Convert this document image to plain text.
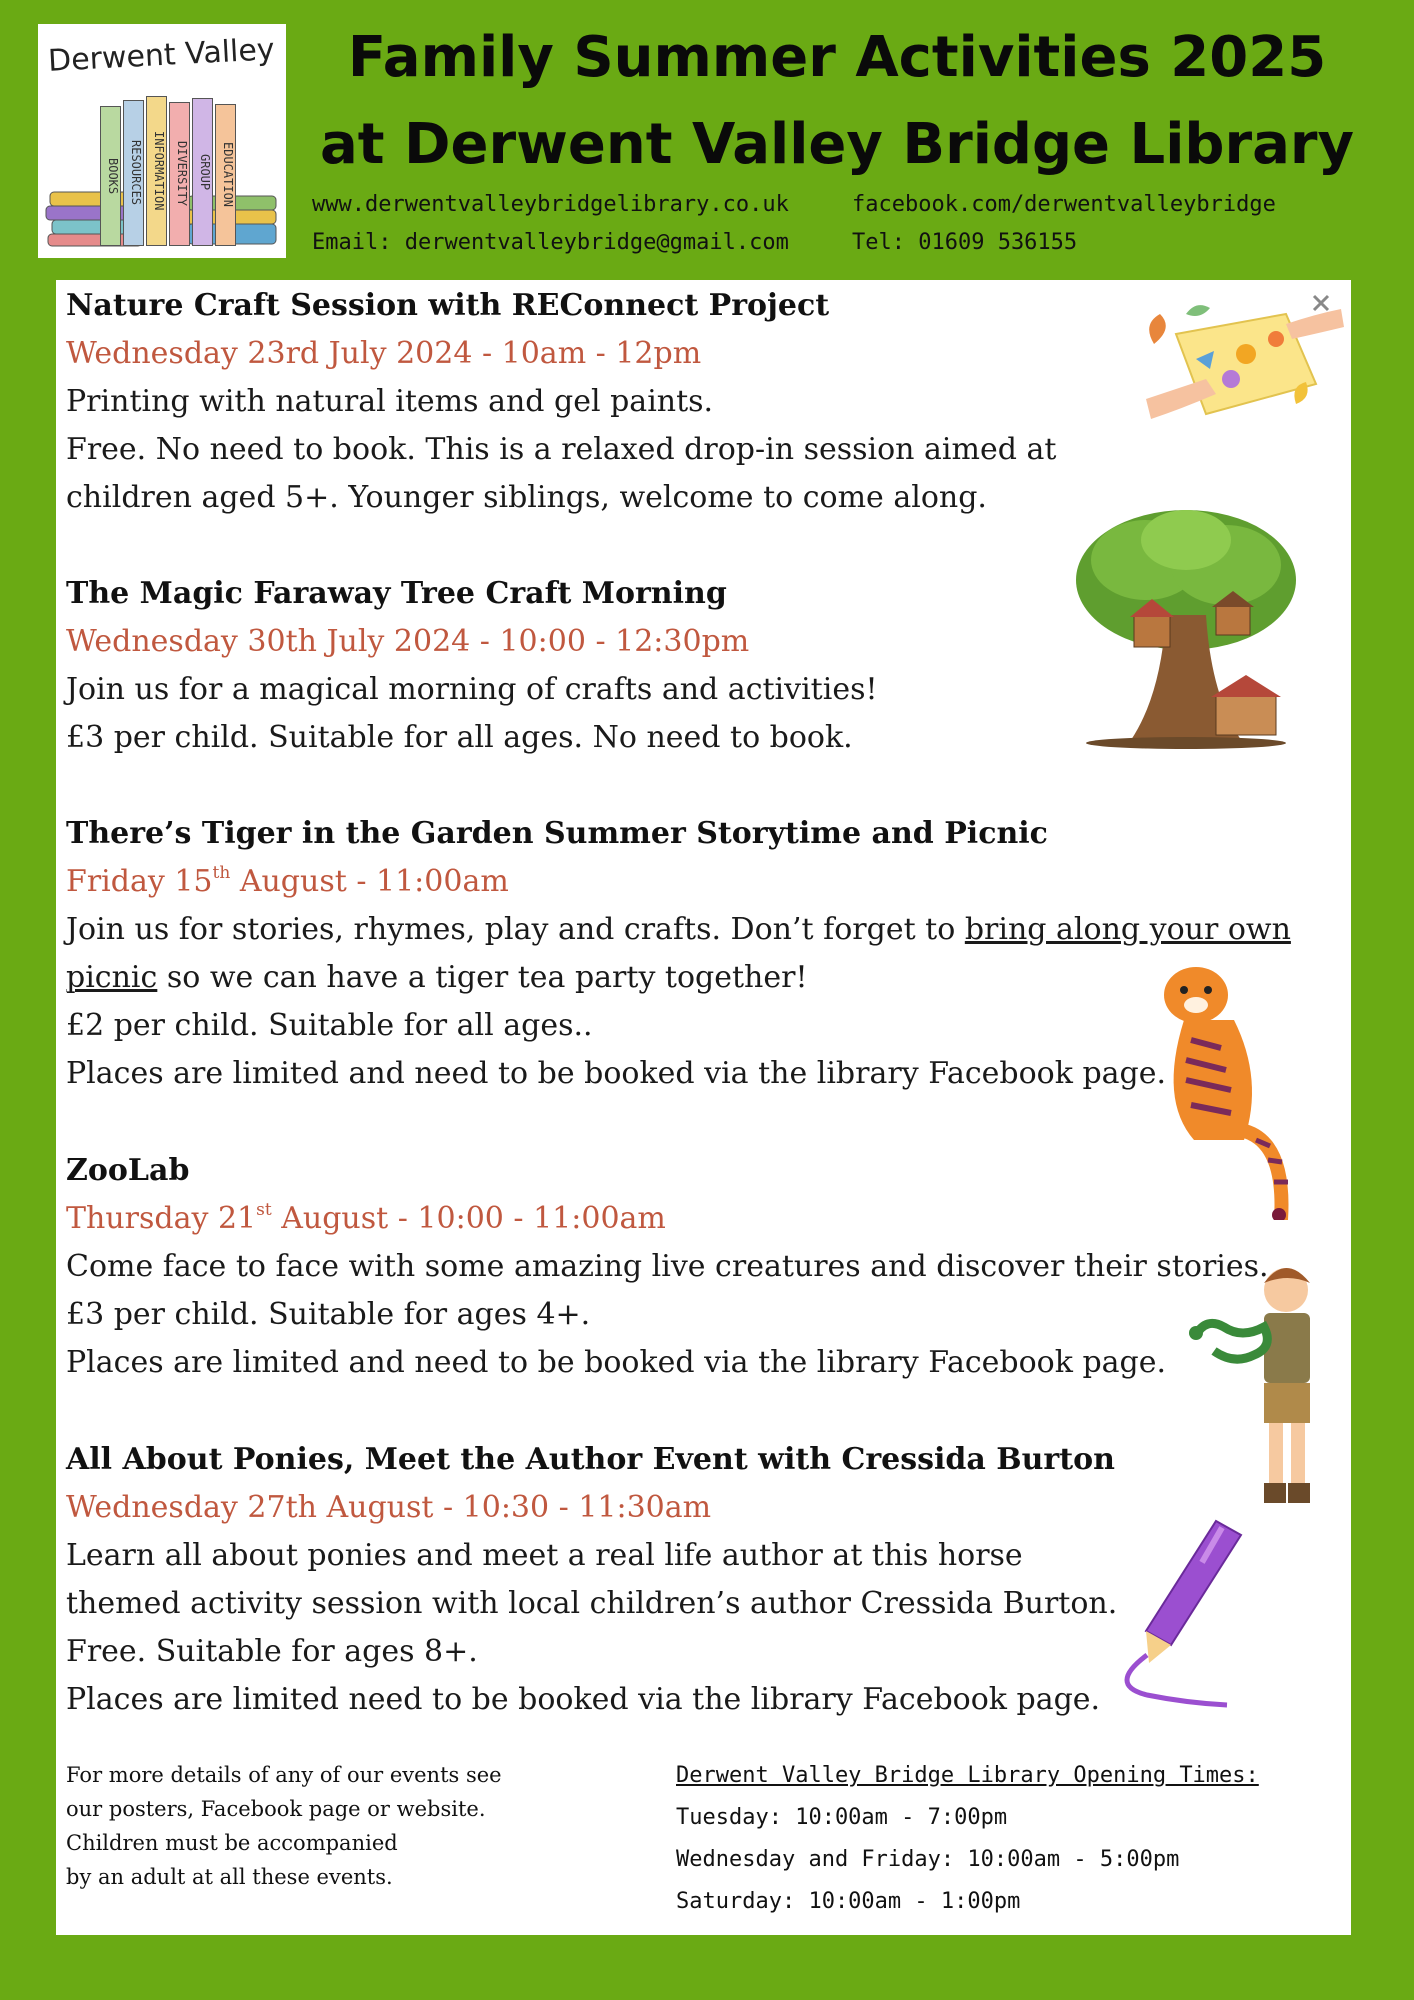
Derwent Valley
BOOKS RESOURCES INFORMATION DIVERSITY GROUP EDUCATION
Family Summer Activities 2025
at Derwent Valley Bridge Library
www.derwentvalleybridgelibrary.co.uk	facebook.com/derwentvalleybridge
Email: derwentvalleybridge@gmail.com	Tel: 01609 536155
Nature Craft Session with REConnect Project
Wednesday 23rd July 2024 - 10am - 12pm
Printing with natural items and gel paints.
Free. No need to book. This is a relaxed drop-in session aimed at
children aged 5+. Younger siblings, welcome to come along.
The Magic Faraway Tree Craft Morning
Wednesday 30th July 2024 - 10:00 - 12:30pm
Join us for a magical morning of crafts and activities!
£3 per child. Suitable for all ages. No need to book.
There’s Tiger in the Garden Summer Storytime and Picnic
Friday 15th August - 11:00am
Join us for stories, rhymes, play and crafts. Don’t forget to bring along your own
picnic so we can have a tiger tea party together!
£2 per child. Suitable for all ages..
Places are limited and need to be booked via the library Facebook page.
ZooLab
Thursday 21st August - 10:00 - 11:00am
Come face to face with some amazing live creatures and discover their stories.
£3 per child. Suitable for ages 4+.
Places are limited and need to be booked via the library Facebook page.
All About Ponies, Meet the Author Event with Cressida Burton
Wednesday 27th August - 10:30 - 11:30am
Learn all about ponies and meet a real life author at this horse
themed activity session with local children’s author Cressida Burton.
Free. Suitable for ages 8+.
Places are limited need to be booked via the library Facebook page.
For more details of any of our events see
our posters, Facebook page or website.
Children must be accompanied
by an adult at all these events.
Derwent Valley Bridge Library Opening Times:
Tuesday: 10:00am - 7:00pm
Wednesday and Friday: 10:00am - 5:00pm
Saturday: 10:00am - 1:00pm
